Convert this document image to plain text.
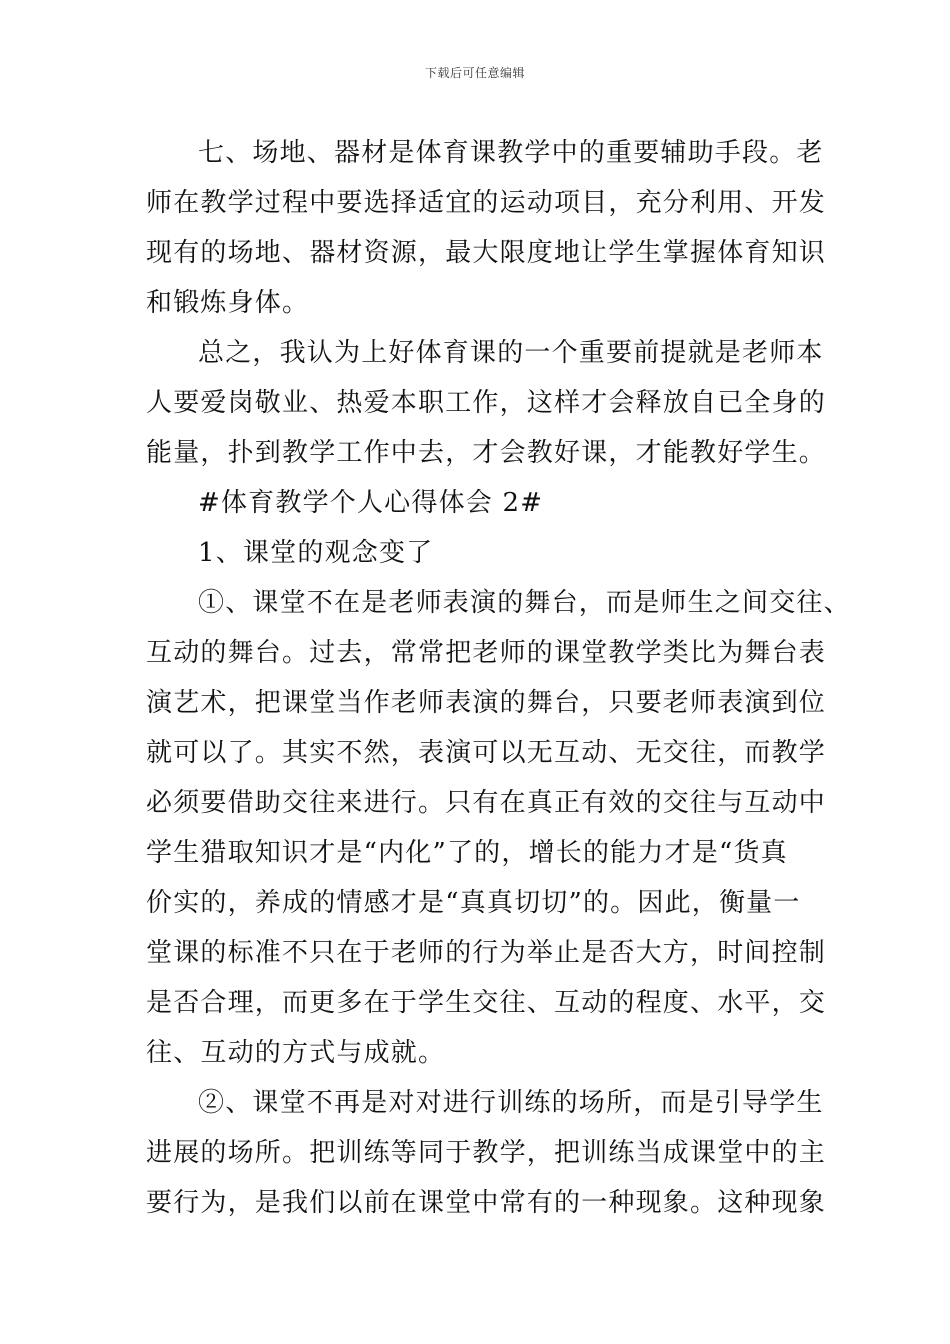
下载后可任意编辑

七、场地、器材是体育课教学中的重要辅助手段。老
师在教学过程中要选择适宜的运动项目，充分利用、开发
现有的场地、器材资源，最大限度地让学生掌握体育知识
和锻炼身体。

总之，我认为上好体育课的一个重要前提就是老师本
人要爱岗敬业、热爱本职工作，这样才会释放自已全身的
能量，扑到教学工作中去，才会教好课，才能教好学生。

#体育教学个人心得体会 2#

1、课堂的观念变了

①、课堂不在是老师表演的舞台，而是师生之间交往、
互动的舞台。过去，常常把老师的课堂教学类比为舞台表
演艺术，把课堂当作老师表演的舞台，只要老师表演到位
就可以了。其实不然，表演可以无互动、无交往，而教学
必须要借助交往来进行。只有在真正有效的交往与互动中
学生猎取知识才是“内化”了的，增长的能力才是“货真
价实的，养成的情感才是“真真切切”的。因此，衡量一
堂课的标准不只在于老师的行为举止是否大方，时间控制
是否合理，而更多在于学生交往、互动的程度、水平，交
往、互动的方式与成就。

②、课堂不再是对对进行训练的场所，而是引导学生
进展的场所。把训练等同于教学，把训练当成课堂中的主
要行为，是我们以前在课堂中常有的一种现象。这种现象
